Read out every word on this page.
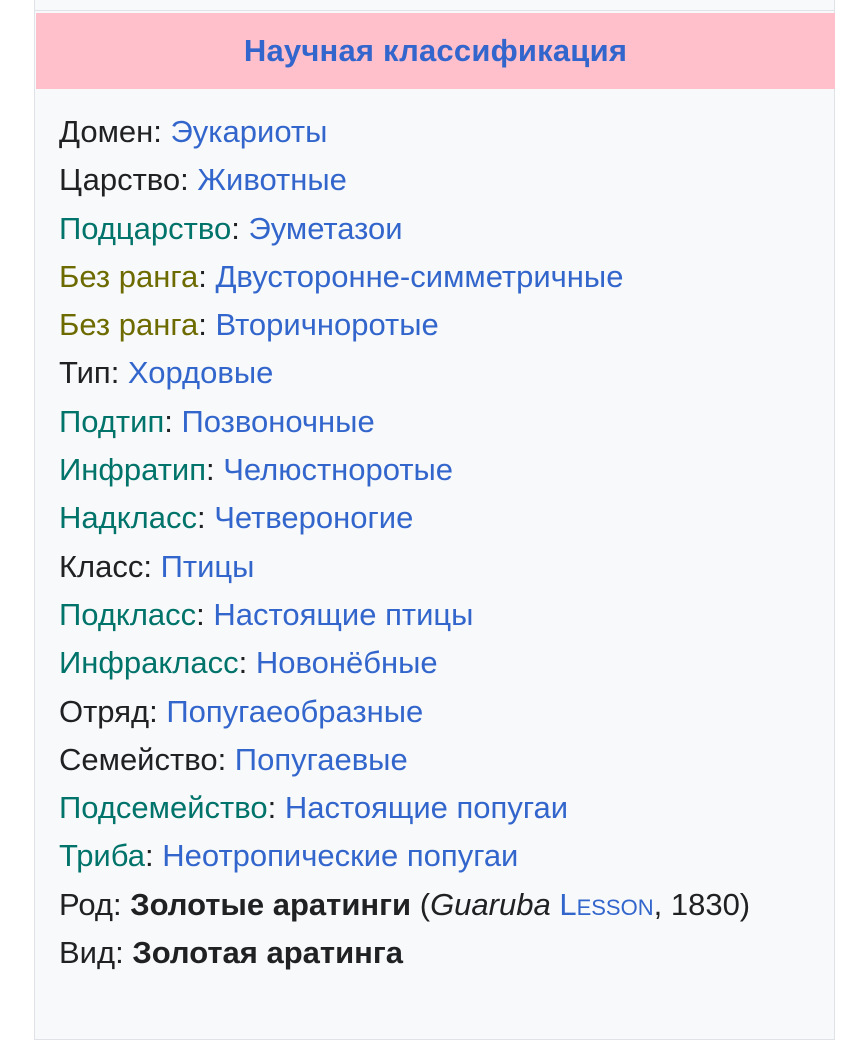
Научная классификация
Домен: Эукариоты
Царство: Животные
Подцарство: Эуметазои
Без ранга: Двусторонне-симметричные
Без ранга: Вторичноротые
Тип: Хордовые
Подтип: Позвоночные
Инфратип: Челюстноротые
Надкласс: Четвероногие
Класс: Птицы
Подкласс: Настоящие птицы
Инфракласс: Новонёбные
Отряд: Попугаеобразные
Семейство: Попугаевые
Подсемейство: Настоящие попугаи
Триба: Неотропические попугаи
Род: Золотые аратинги (Guaruba Lesson, 1830)
Вид: Золотая аратинга
